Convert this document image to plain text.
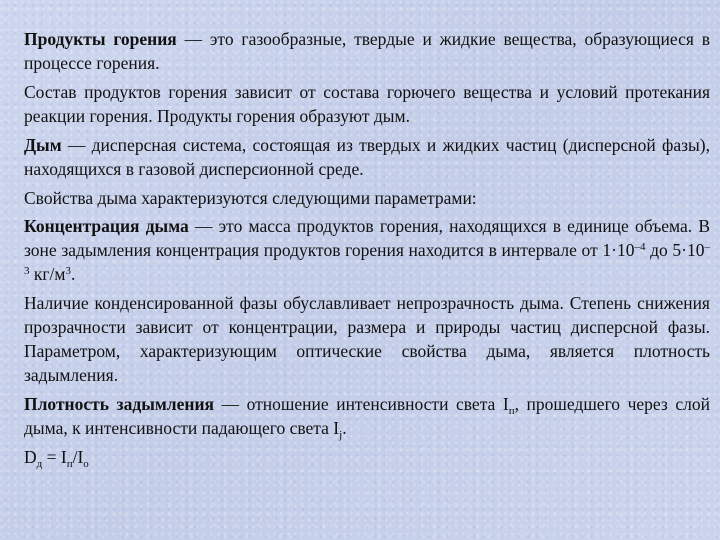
Продукты горения — это газообразные, твердые и жидкие вещества, образующиеся в процессе горения.

Состав продуктов горения зависит от состава горючего вещества и условий протекания реакции горения. Продукты горения образуют дым.

Дым — дисперсная система, состоящая из твердых и жидких частиц (дисперсной фазы), находящихся в газовой дисперсионной среде.

Свойства дыма характеризуются следующими параметрами:

Концентрация дыма — это масса продуктов горения, находящихся в единице объема. В зоне задымления концентрация продуктов горения находится в интервале от $1\cdot 10^{-4}$ до $5\cdot 10^{-3}$ $кг/м^3$.

Наличие конденсированной фазы обуславливает непрозрачность дыма. Степень снижения прозрачности зависит от концентрации, размера и природы частиц дисперсной фазы. Параметром, характеризующим оптические свойства дыма, является плотность задымления.

Плотность задымления — отношение интенсивности света $I_п$, прошедшего через слой дыма, к интенсивности падающего света $I_j$.

$D_д = I_п/I_о$
